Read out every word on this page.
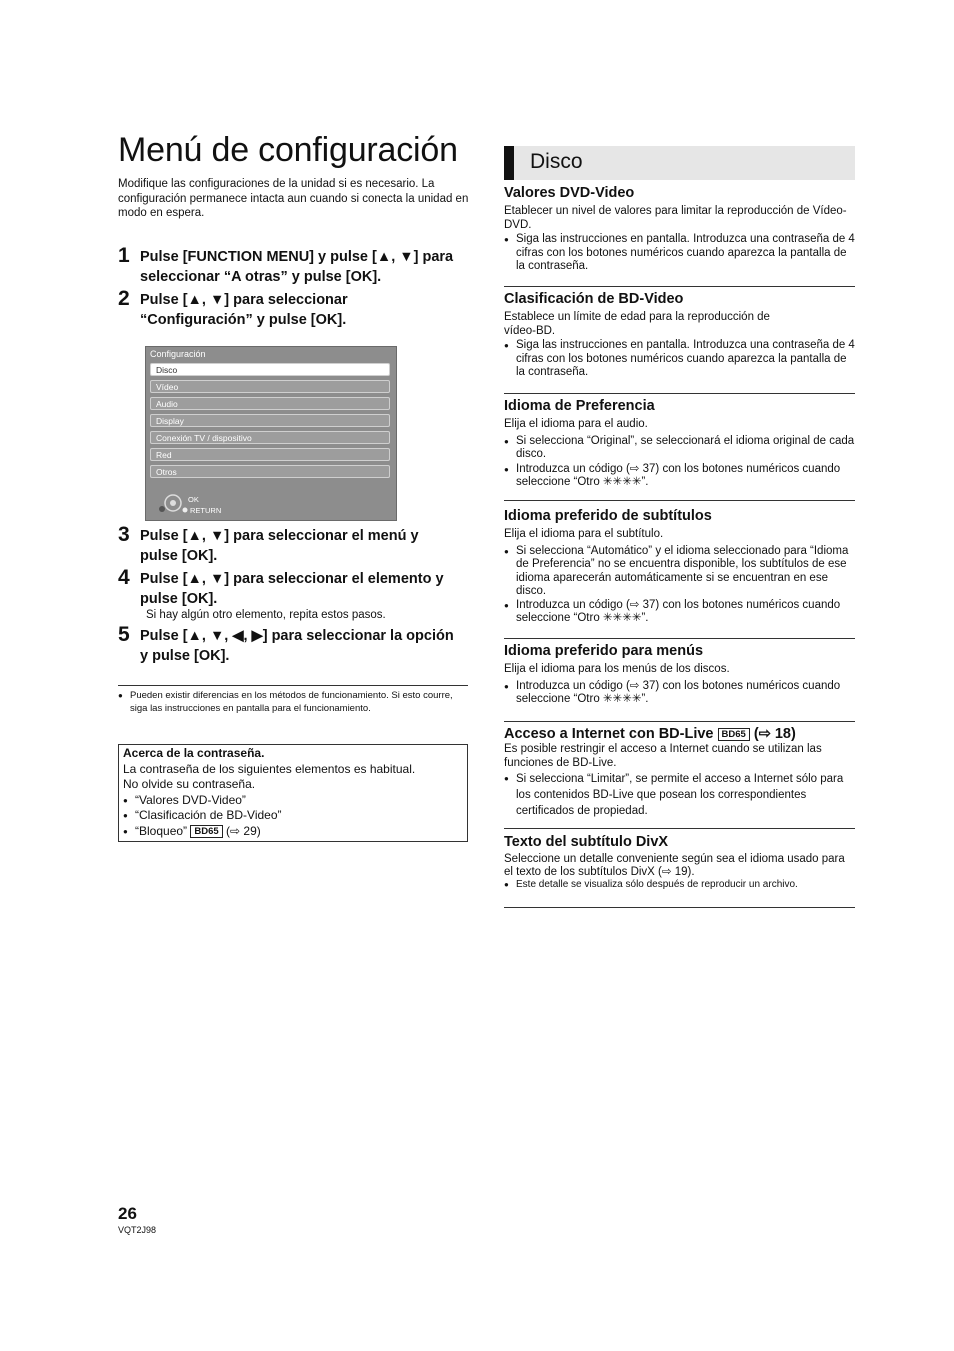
Menú de configuración
Modifique las configuraciones de la unidad si es necesario. La configuración permanece intacta aun cuando si conecta la unidad en modo en espera.
1 Pulse [FUNCTION MENU] y pulse [▲, ▼] para seleccionar “A otras” y pulse [OK].
2 Pulse [▲, ▼] para seleccionar “Configuración” y pulse [OK].
Configuración
Disco
Vídeo
Audio
Display
Conexión TV / dispositivo
Red
Otros
OK
RETURN
3 Pulse [▲, ▼] para seleccionar el menú y pulse [OK].
4 Pulse [▲, ▼] para seleccionar el elemento y pulse [OK].
Si hay algún otro elemento, repita estos pasos.
5 Pulse [▲, ▼, ◀, ▶] para seleccionar la opción y pulse [OK].
● Pueden existir diferencias en los métodos de funcionamiento. Si esto courre, siga las instrucciones en pantalla para el funcionamiento.
Acerca de la contraseña.
La contraseña de los siguientes elementos es habitual.
No olvide su contraseña.
● “Valores DVD-Video”
● “Clasificación de BD-Video”
● “Bloqueo” BD65 (⇨ 29)
Disco
Valores DVD-Video
Etablecer un nivel de valores para limitar la reproducción de Vídeo-DVD.
● Siga las instrucciones en pantalla. Introduzca una contraseña de 4 cifras con los botones numéricos cuando aparezca la pantalla de la contraseña.
Clasificación de BD-Video
Establece un límite de edad para la reproducción de vídeo-BD.
● Siga las instrucciones en pantalla. Introduzca una contraseña de 4 cifras con los botones numéricos cuando aparezca la pantalla de la contraseña.
Idioma de Preferencia
Elija el idioma para el audio.
● Si selecciona “Original”, se seleccionará el idioma original de cada disco.
● Introduzca un código (⇨ 37) con los botones numéricos cuando seleccione “Otro ✳✳✳✳”.
Idioma preferido de subtítulos
Elija el idioma para el subtítulo.
● Si selecciona “Automático” y el idioma seleccionado para “Idioma de Preferencia” no se encuentra disponible, los subtítulos de ese idioma aparecerán automáticamente si se encuentran en ese disco.
● Introduzca un código (⇨ 37) con los botones numéricos cuando seleccione “Otro ✳✳✳✳”.
Idioma preferido para menús
Elija el idioma para los menús de los discos.
● Introduzca un código (⇨ 37) con los botones numéricos cuando seleccione “Otro ✳✳✳✳”.
Acceso a Internet con BD-Live BD65 (⇨ 18)
Es posible restringir el acceso a Internet cuando se utilizan las funciones de BD-Live.
● Si selecciona “Limitar”, se permite el acceso a Internet sólo para los contenidos BD-Live que posean los correspondientes certificados de propiedad.
Texto del subtítulo DivX
Seleccione un detalle conveniente según sea el idioma usado para el texto de los subtítulos DivX (⇨ 19).
● Este detalle se visualiza sólo después de reproducir un archivo.
26
VQT2J98
